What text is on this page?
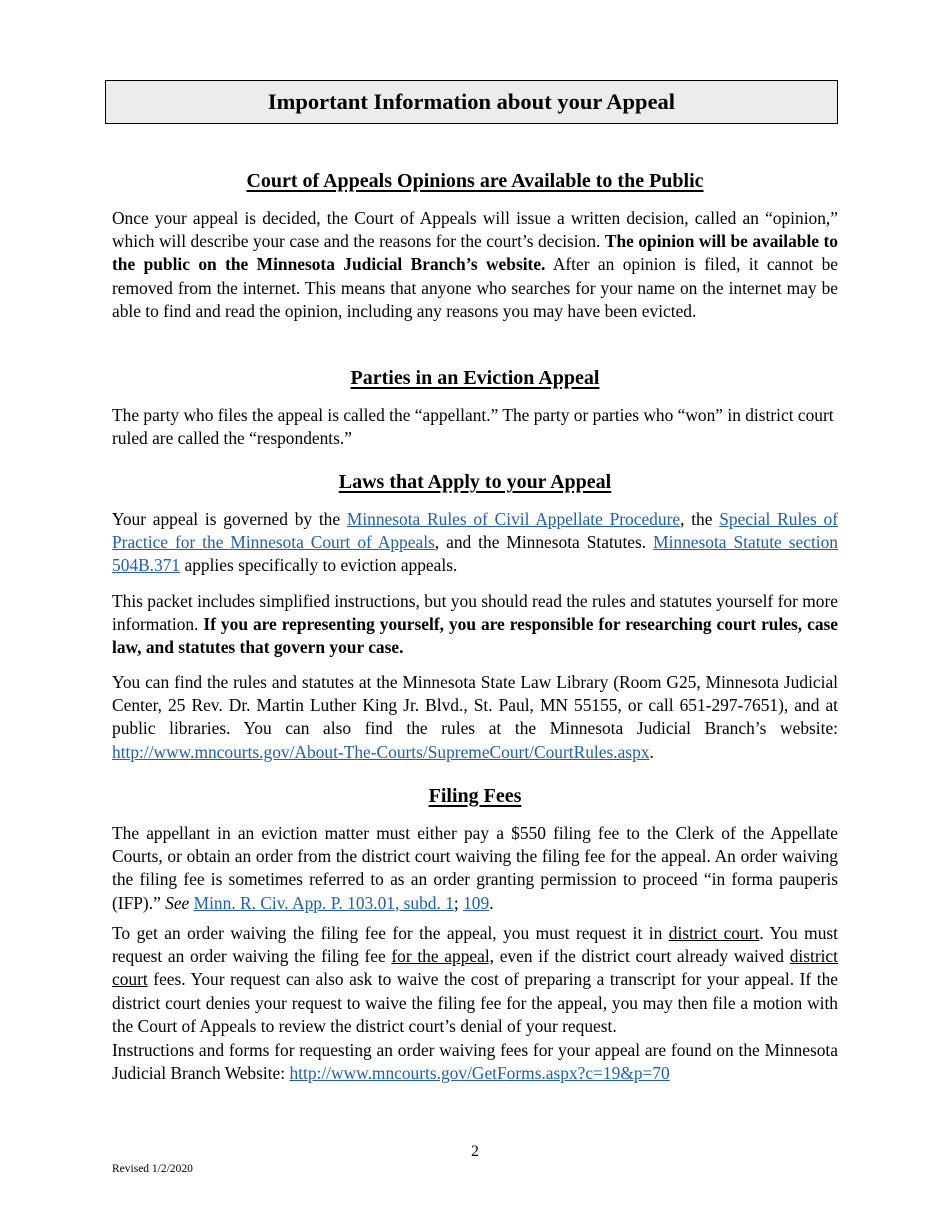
Important Information about your Appeal
Court of Appeals Opinions are Available to the Public

Once your appeal is decided, the Court of Appeals will issue a written decision, called an “opinion,” which will describe your case and the reasons for the court’s decision. The opinion will be available to the public on the Minnesota Judicial Branch’s website. After an opinion is filed, it cannot be removed from the internet. This means that anyone who searches for your name on the internet may be able to find and read the opinion, including any reasons you may have been evicted.

Parties in an Eviction Appeal

The party who files the appeal is called the “appellant.” The party or parties who “won” in district court ruled are called the “respondents.”

Laws that Apply to your Appeal

Your appeal is governed by the Minnesota Rules of Civil Appellate Procedure, the Special Rules of Practice for the Minnesota Court of Appeals, and the Minnesota Statutes. Minnesota Statute section 504B.371 applies specifically to eviction appeals.

This packet includes simplified instructions, but you should read the rules and statutes yourself for more information. If you are representing yourself, you are responsible for researching court rules, case law, and statutes that govern your case.

You can find the rules and statutes at the Minnesota State Law Library (Room G25, Minnesota Judicial Center, 25 Rev. Dr. Martin Luther King Jr. Blvd., St. Paul, MN 55155, or call 651-297-7651), and at public libraries. You can also find the rules at the Minnesota Judicial Branch’s website: http://www.mncourts.gov/About-The-Courts/SupremeCourt/CourtRules.aspx.

Filing Fees

The appellant in an eviction matter must either pay a $550 filing fee to the Clerk of the Appellate Courts, or obtain an order from the district court waiving the filing fee for the appeal. An order waiving the filing fee is sometimes referred to as an order granting permission to proceed “in forma pauperis (IFP).” See Minn. R. Civ. App. P. 103.01, subd. 1; 109.

To get an order waiving the filing fee for the appeal, you must request it in district court. You must request an order waiving the filing fee for the appeal, even if the district court already waived district court fees. Your request can also ask to waive the cost of preparing a transcript for your appeal. If the district court denies your request to waive the filing fee for the appeal, you may then file a motion with the Court of Appeals to review the district court’s denial of your request.

Instructions and forms for requesting an order waiving fees for your appeal are found on the Minnesota Judicial Branch Website: http://www.mncourts.gov/GetForms.aspx?c=19&p=70

2
Revised 1/2/2020
